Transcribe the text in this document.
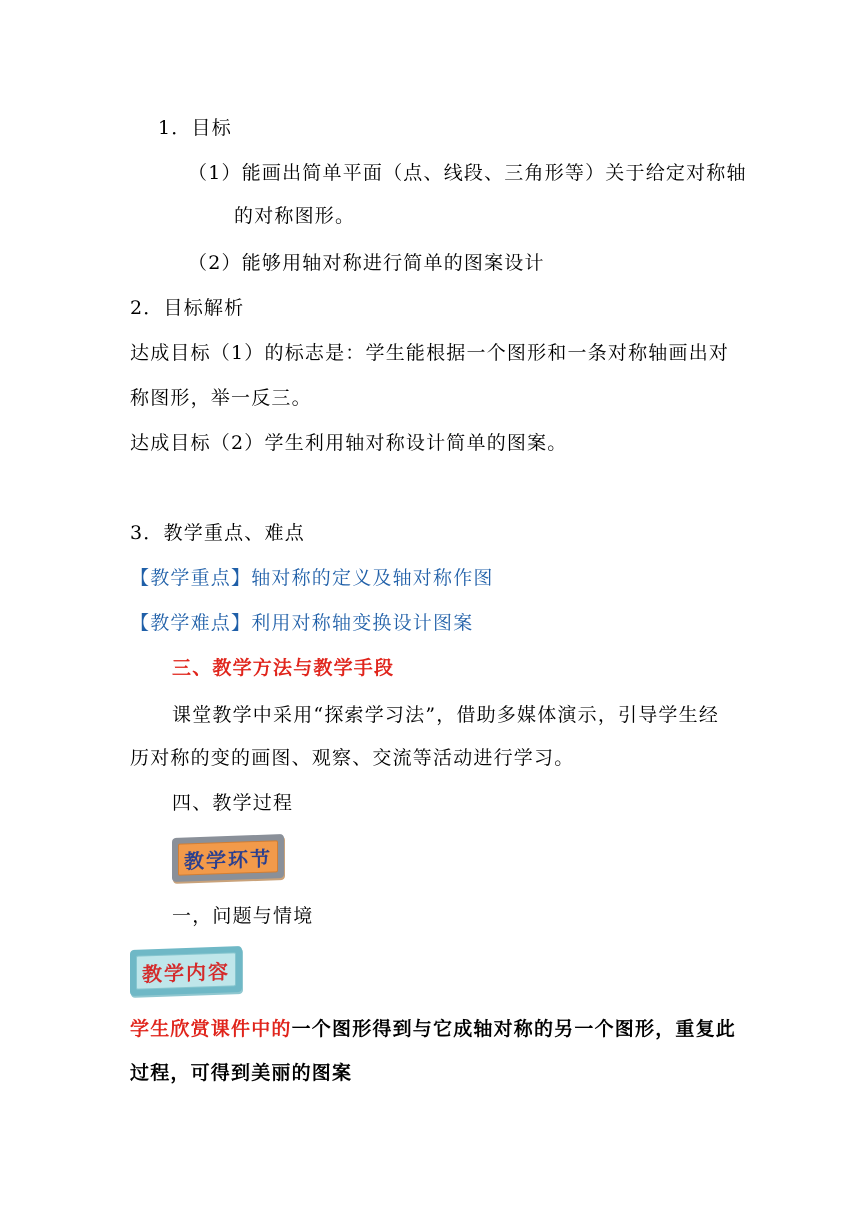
1．目标
（1）能画出简单平面（点、线段、三角形等）关于给定对称轴
的对称图形。
（2）能够用轴对称进行简单的图案设计
2．目标解析
达成目标（1）的标志是：学生能根据一个图形和一条对称轴画出对
称图形，举一反三。
达成目标（2）学生利用轴对称设计简单的图案。
3．教学重点、难点
【教学重点】轴对称的定义及轴对称作图
【教学难点】利用对称轴变换设计图案
三、教学方法与教学手段
课堂教学中采用“探索学习法”，借助多媒体演示，引导学生经
历对称的变的画图、观察、交流等活动进行学习。
四、教学过程
教学环节
一，问题与情境
教学内容
学生欣赏课件中的一个图形得到与它成轴对称的另一个图形，重复此
过程，可得到美丽的图案
